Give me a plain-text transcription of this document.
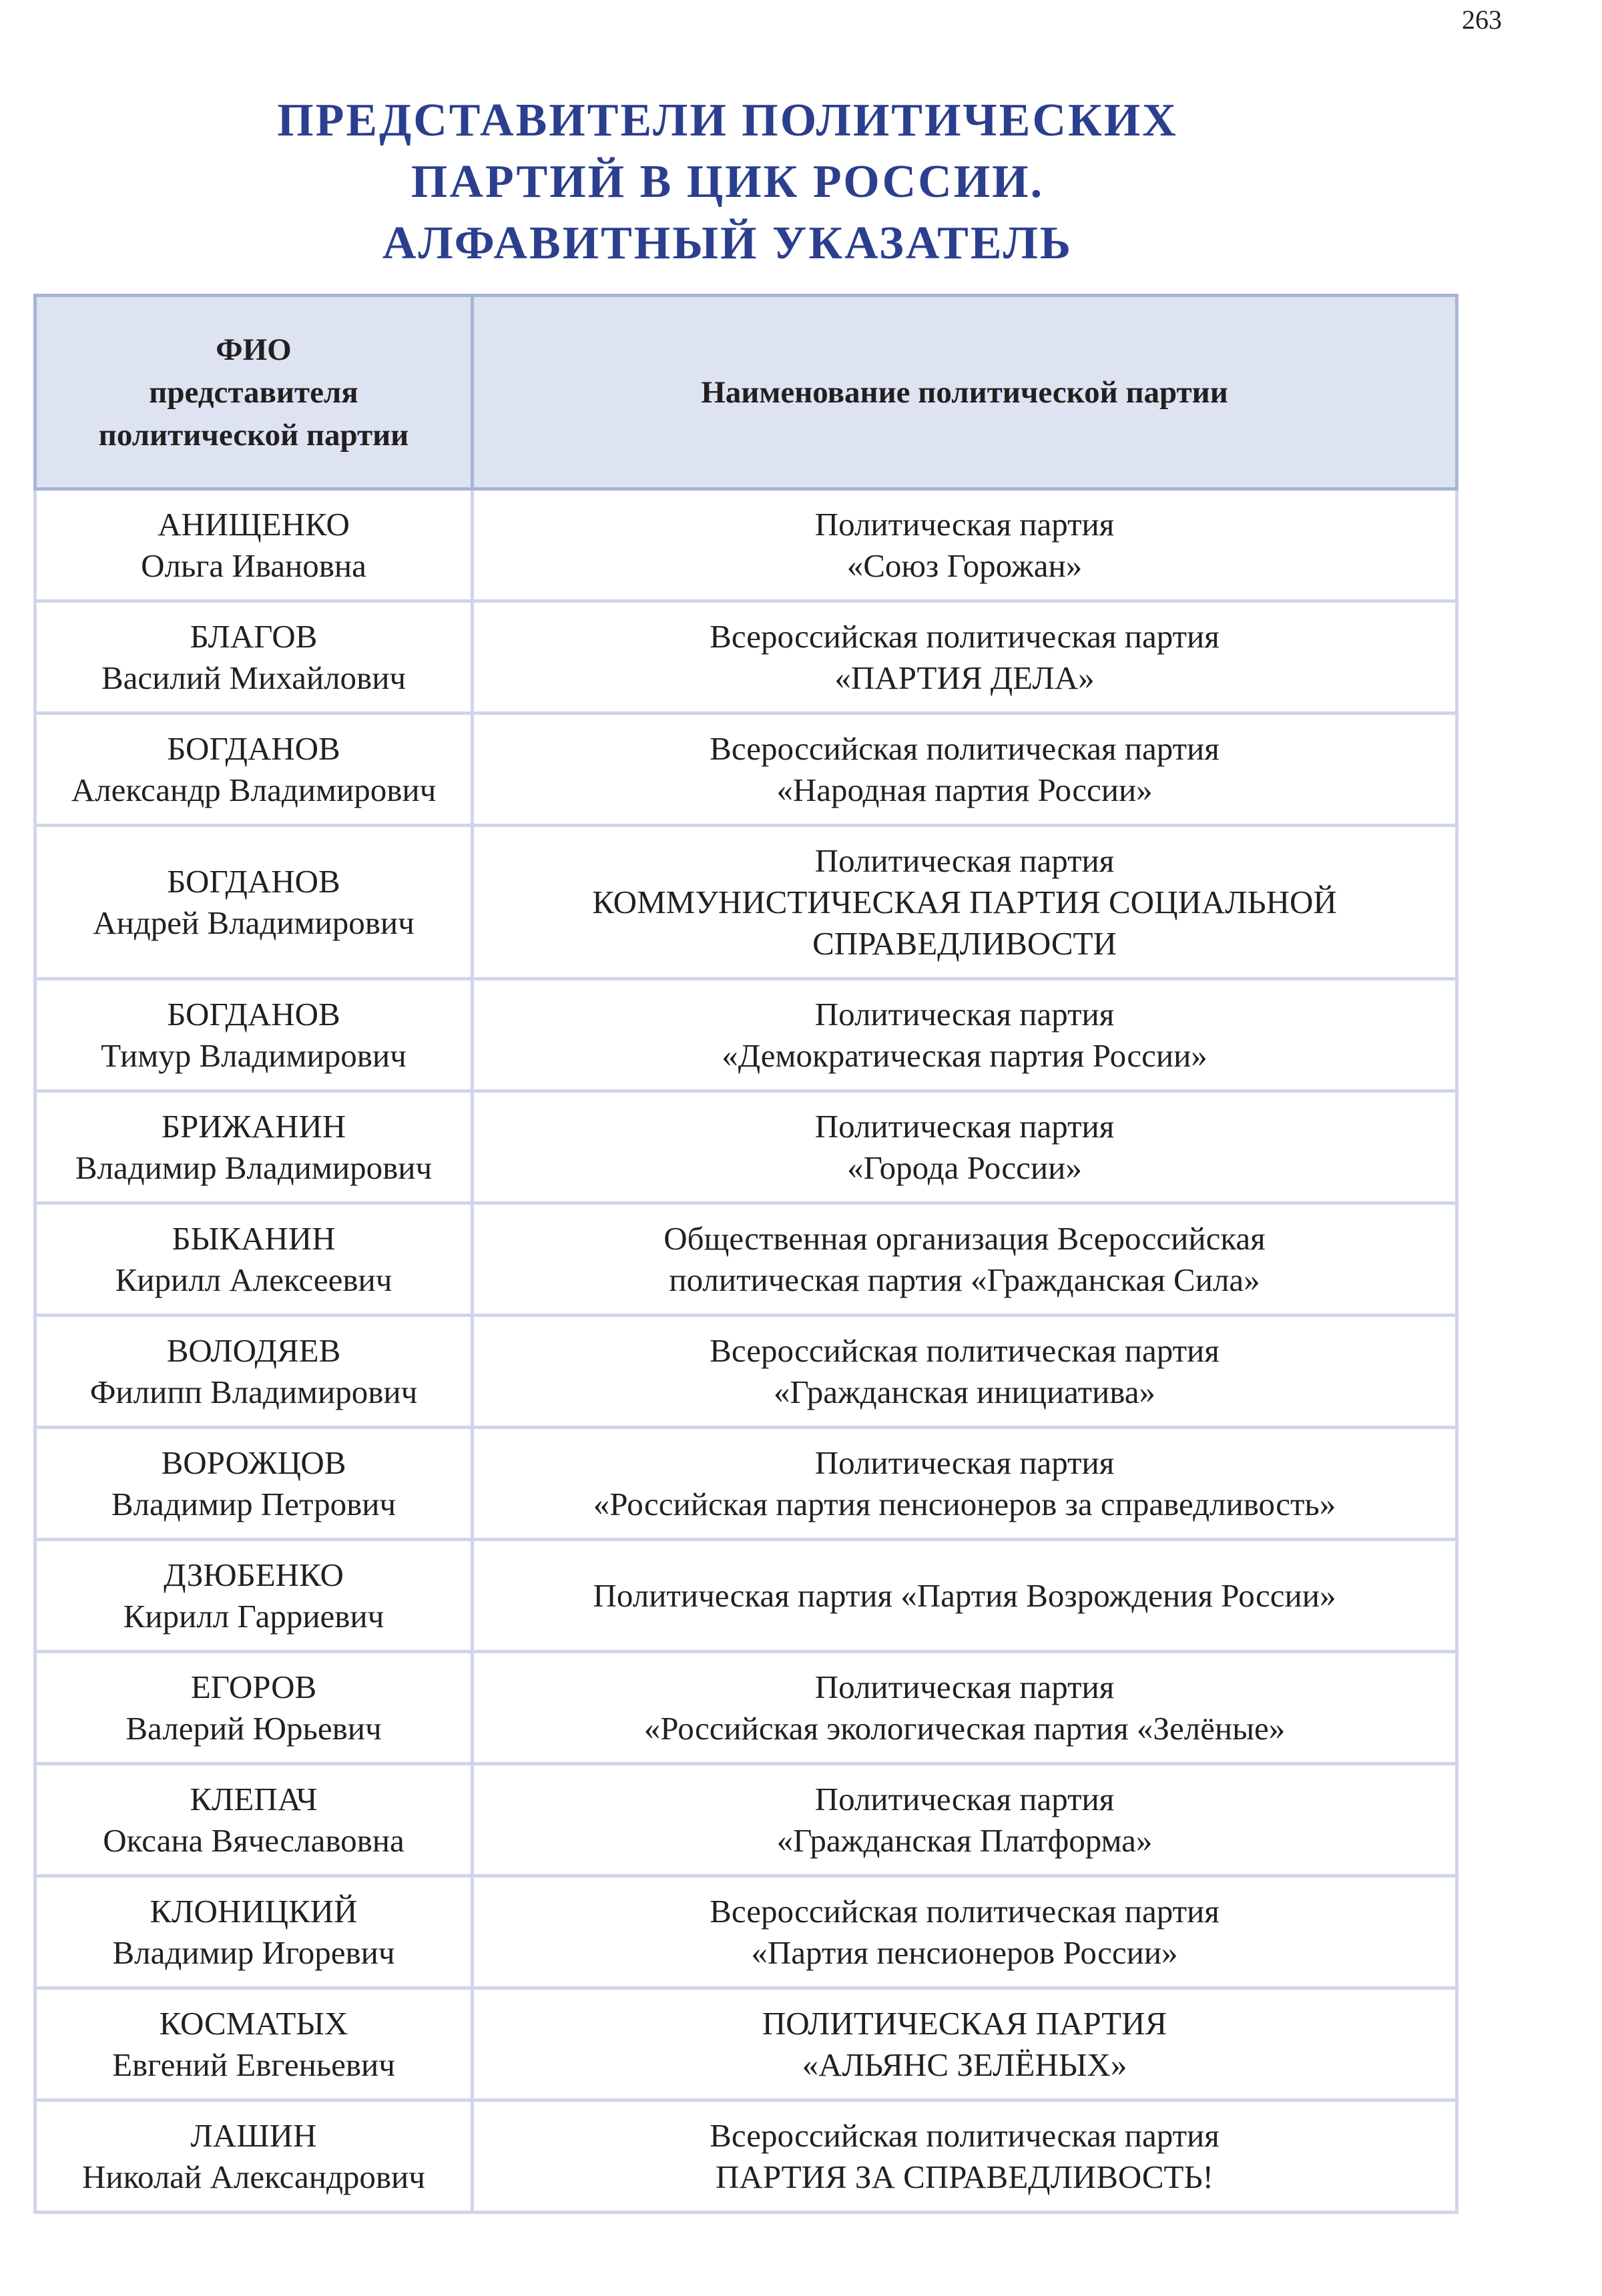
263
ПРЕДСТАВИТЕЛИ ПОЛИТИЧЕСКИХ
ПАРТИЙ В ЦИК РОССИИ.
АЛФАВИТНЫЙ УКАЗАТЕЛЬ
ФИО
представителя
политической партии	Наименование политической партии

АНИЩЕНКО
Ольга Ивановна	Политическая партия
«Союз Горожан»

БЛАГОВ
Василий Михайлович	Всероссийская политическая партия
«ПАРТИЯ ДЕЛА»

БОГДАНОВ
Александр Владимирович	Всероссийская политическая партия
«Народная партия России»

БОГДАНОВ
Андрей Владимирович	Политическая партия
КОММУНИСТИЧЕСКАЯ ПАРТИЯ СОЦИАЛЬНОЙ
СПРАВЕДЛИВОСТИ

БОГДАНОВ
Тимур Владимирович	Политическая партия
«Демократическая партия России»

БРИЖАНИН
Владимир Владимирович	Политическая партия
«Города России»

БЫКАНИН
Кирилл Алексеевич	Общественная организация Всероссийская
политическая партия «Гражданская Сила»

ВОЛОДЯЕВ
Филипп Владимирович	Всероссийская политическая партия
«Гражданская инициатива»

ВОРОЖЦОВ
Владимир Петрович	Политическая партия
«Российская партия пенсионеров за справедливость»

ДЗЮБЕНКО
Кирилл Гарриевич	Политическая партия «Партия Возрождения России»

ЕГОРОВ
Валерий Юрьевич	Политическая партия
«Российская экологическая партия «Зелёные»

КЛЕПАЧ
Оксана Вячеславовна	Политическая партия
«Гражданская Платформа»

КЛОНИЦКИЙ
Владимир Игоревич	Всероссийская политическая партия
«Партия пенсионеров России»

КОСМАТЫХ
Евгений Евгеньевич	ПОЛИТИЧЕСКАЯ ПАРТИЯ
«АЛЬЯНС ЗЕЛЁНЫХ»

ЛАШИН
Николай Александрович	Всероссийская политическая партия
ПАРТИЯ ЗА СПРАВЕДЛИВОСТЬ!
